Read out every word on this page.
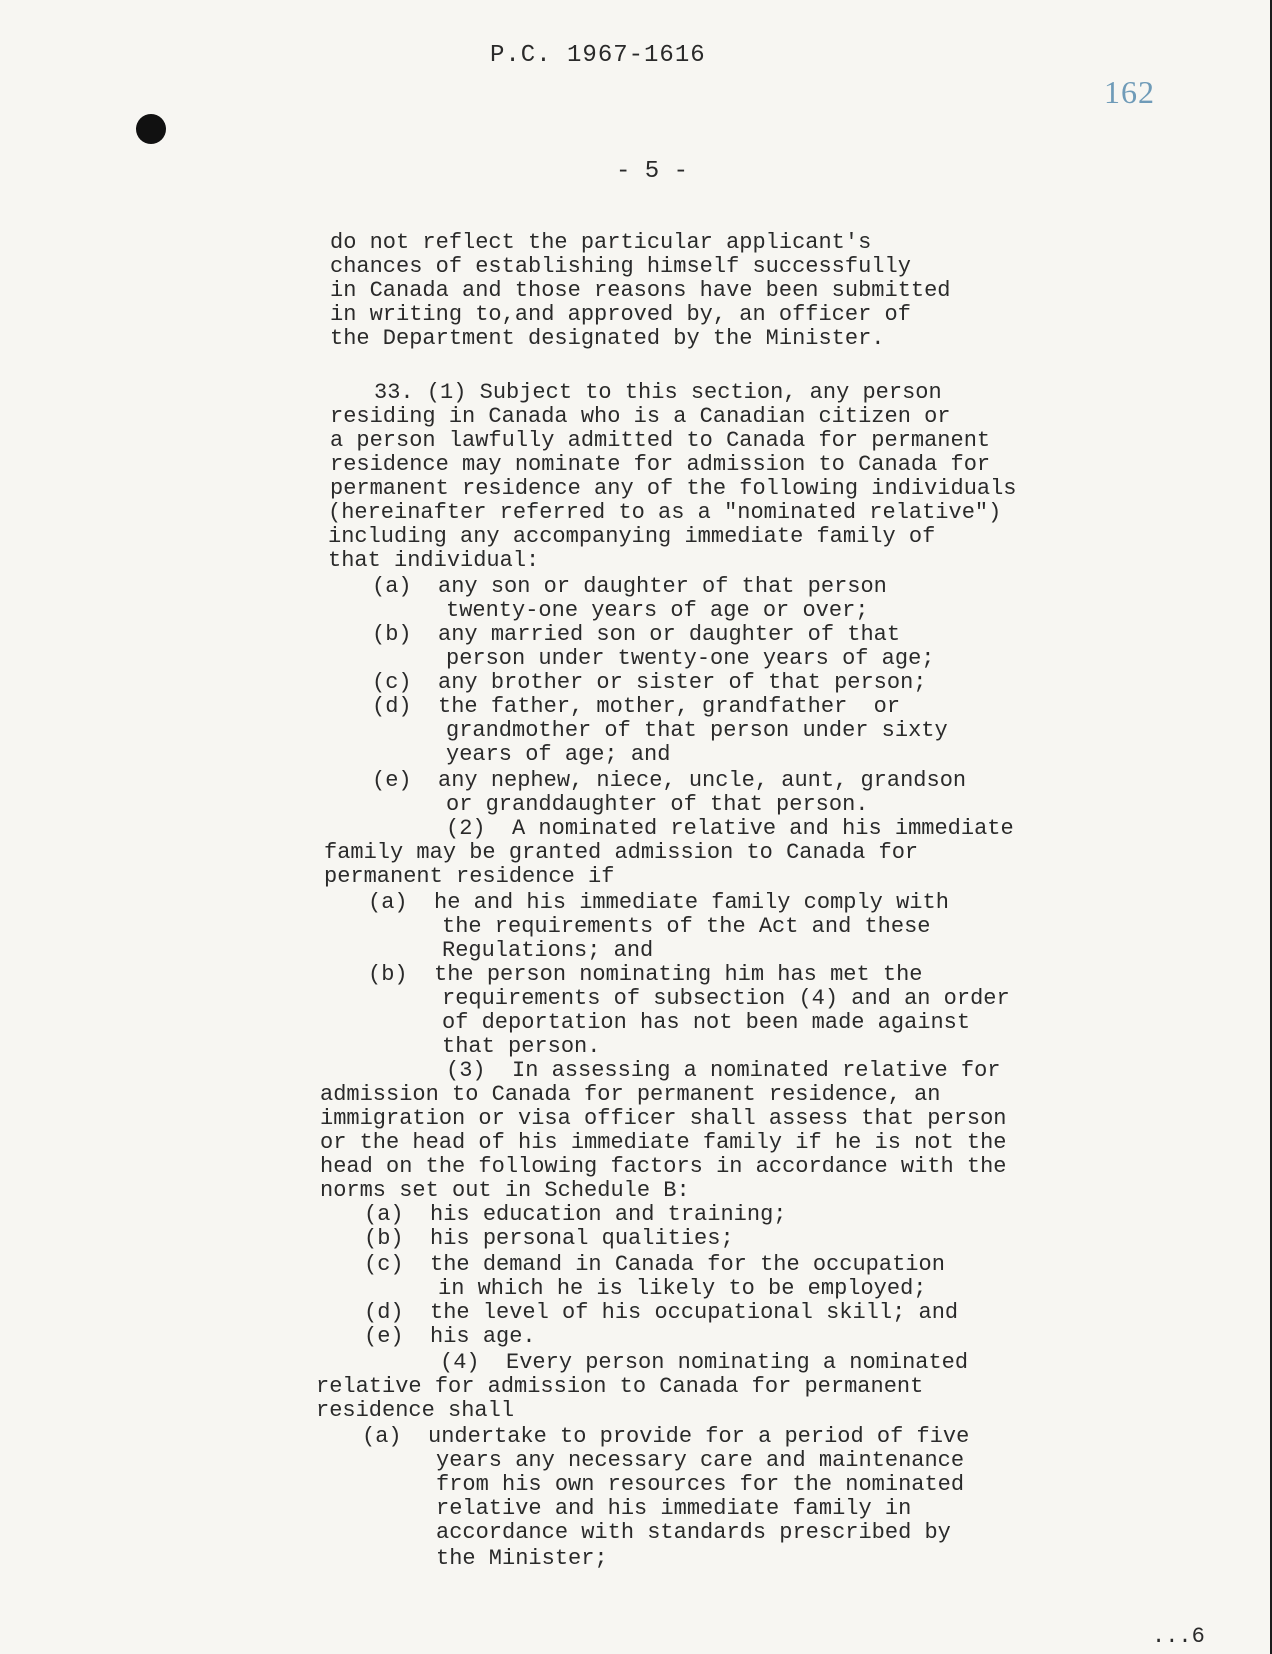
P.C. 1967-1616
162
- 5 -
do not reflect the particular applicant's
chances of establishing himself successfully
in Canada and those reasons have been submitted
in writing to,and approved by, an officer of
the Department designated by the Minister.
33. (1) Subject to this section, any person
residing in Canada who is a Canadian citizen or
a person lawfully admitted to Canada for permanent
residence may nominate for admission to Canada for
permanent residence any of the following individuals
(hereinafter referred to as a "nominated relative")
including any accompanying immediate family of
that individual:
(a)  any son or daughter of that person
twenty-one years of age or over;
(b)  any married son or daughter of that
person under twenty-one years of age;
(c)  any brother or sister of that person;
(d)  the father, mother, grandfather  or
grandmother of that person under sixty
years of age; and
(e)  any nephew, niece, uncle, aunt, grandson
or granddaughter of that person.
(2)  A nominated relative and his immediate
family may be granted admission to Canada for
permanent residence if
(a)  he and his immediate family comply with
the requirements of the Act and these
Regulations; and
(b)  the person nominating him has met the
requirements of subsection (4) and an order
of deportation has not been made against
that person.
(3)  In assessing a nominated relative for
admission to Canada for permanent residence, an
immigration or visa officer shall assess that person
or the head of his immediate family if he is not the
head on the following factors in accordance with the
norms set out in Schedule B:
(a)  his education and training;
(b)  his personal qualities;
(c)  the demand in Canada for the occupation
in which he is likely to be employed;
(d)  the level of his occupational skill; and
(e)  his age.
(4)  Every person nominating a nominated
relative for admission to Canada for permanent
residence shall
(a)  undertake to provide for a period of five
years any necessary care and maintenance
from his own resources for the nominated
relative and his immediate family in
accordance with standards prescribed by
the Minister;
...6
